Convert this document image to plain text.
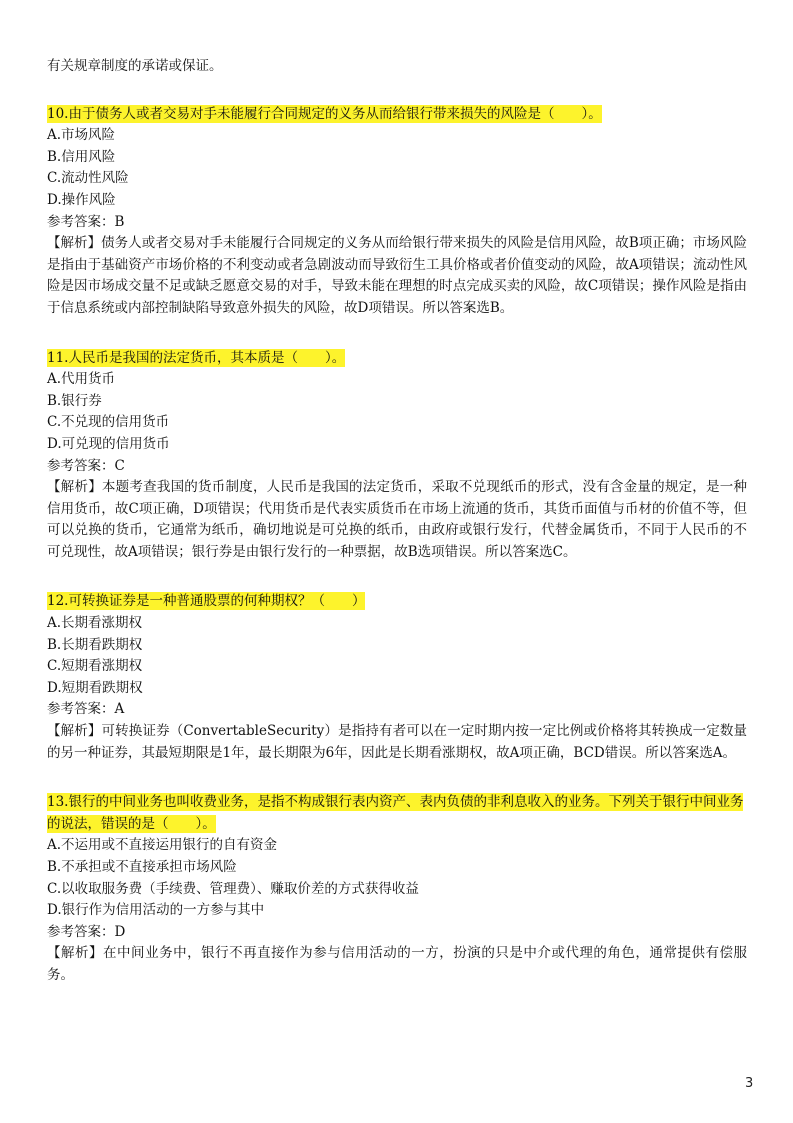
有关规章制度的承诺或保证。
10.由于债务人或者交易对手未能履行合同规定的义务从而给银行带来损失的风险是（　　）。
A.市场风险
B.信用风险
C.流动性风险
D.操作风险
参考答案：B
【解析】债务人或者交易对手未能履行合同规定的义务从而给银行带来损失的风险是信用风险，故B项正确；市场风险是指由于基础资产市场价格的不利变动或者急剧波动而导致衍生工具价格或者价值变动的风险，故A项错误；流动性风险是因市场成交量不足或缺乏愿意交易的对手，导致未能在理想的时点完成买卖的风险，故C项错误；操作风险是指由于信息系统或内部控制缺陷导致意外损失的风险，故D项错误。所以答案选B。
11.人民币是我国的法定货币，其本质是（　　）。
A.代用货币
B.银行券
C.不兑现的信用货币
D.可兑现的信用货币
参考答案：C
【解析】本题考查我国的货币制度，人民币是我国的法定货币，采取不兑现纸币的形式，没有含金量的规定，是一种信用货币，故C项正确，D项错误；代用货币是代表实质货币在市场上流通的货币，其货币面值与币材的价值不等，但可以兑换的货币，它通常为纸币，确切地说是可兑换的纸币，由政府或银行发行，代替金属货币，不同于人民币的不可兑现性，故A项错误；银行券是由银行发行的一种票据，故B选项错误。所以答案选C。
12.可转换证券是一种普通股票的何种期权？（　　）
A.长期看涨期权
B.长期看跌期权
C.短期看涨期权
D.短期看跌期权
参考答案：A
【解析】可转换证券（ConvertableSecurity）是指持有者可以在一定时期内按一定比例或价格将其转换成一定数量的另一种证券，其最短期限是1年，最长期限为6年，因此是长期看涨期权，故A项正确，BCD错误。所以答案选A。
13.银行的中间业务也叫收费业务，是指不构成银行表内资产、表内负债的非利息收入的业务。下列关于银行中间业务的说法，错误的是（　　）。
A.不运用或不直接运用银行的自有资金
B.不承担或不直接承担市场风险
C.以收取服务费（手续费、管理费）、赚取价差的方式获得收益
D.银行作为信用活动的一方参与其中
参考答案：D
【解析】在中间业务中，银行不再直接作为参与信用活动的一方，扮演的只是中介或代理的角色，通常提供有偿服务。
3
